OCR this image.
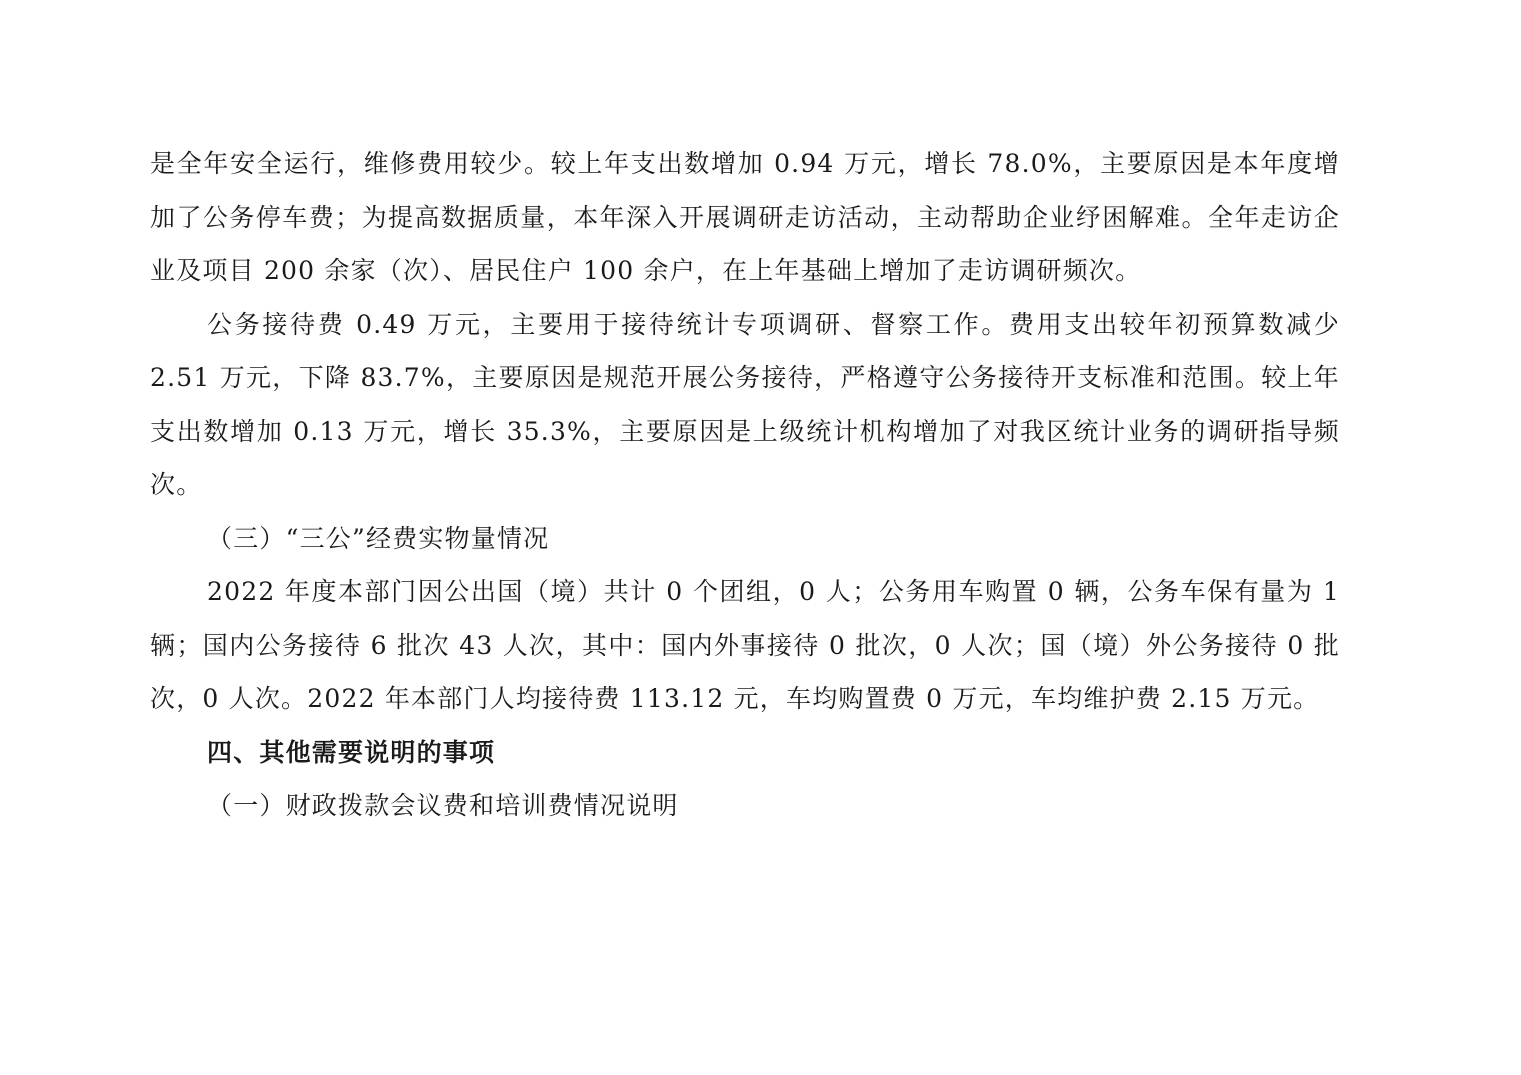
是全年安全运行，维修费用较少。较上年支出数增加 0.94 万元，增长 78.0%，主要原因是本年度增加了公务停车费；为提高数据质量，本年深入开展调研走访活动，主动帮助企业纾困解难。全年走访企业及项目 200 余家（次）、居民住户 100 余户，在上年基础上增加了走访调研频次。

公务接待费 0.49 万元，主要用于接待统计专项调研、督察工作。费用支出较年初预算数减少 2.51 万元，下降 83.7%，主要原因是规范开展公务接待，严格遵守公务接待开支标准和范围。较上年支出数增加 0.13 万元，增长 35.3%，主要原因是上级统计机构增加了对我区统计业务的调研指导频次。

（三）“三公”经费实物量情况

2022 年度本部门因公出国（境）共计 0 个团组，0 人；公务用车购置 0 辆，公务车保有量为 1 辆；国内公务接待 6 批次 43 人次，其中：国内外事接待 0 批次，0 人次；国（境）外公务接待 0 批次，0 人次。2022 年本部门人均接待费 113.12 元，车均购置费 0 万元，车均维护费 2.15 万元。

四、其他需要说明的事项

（一）财政拨款会议费和培训费情况说明
